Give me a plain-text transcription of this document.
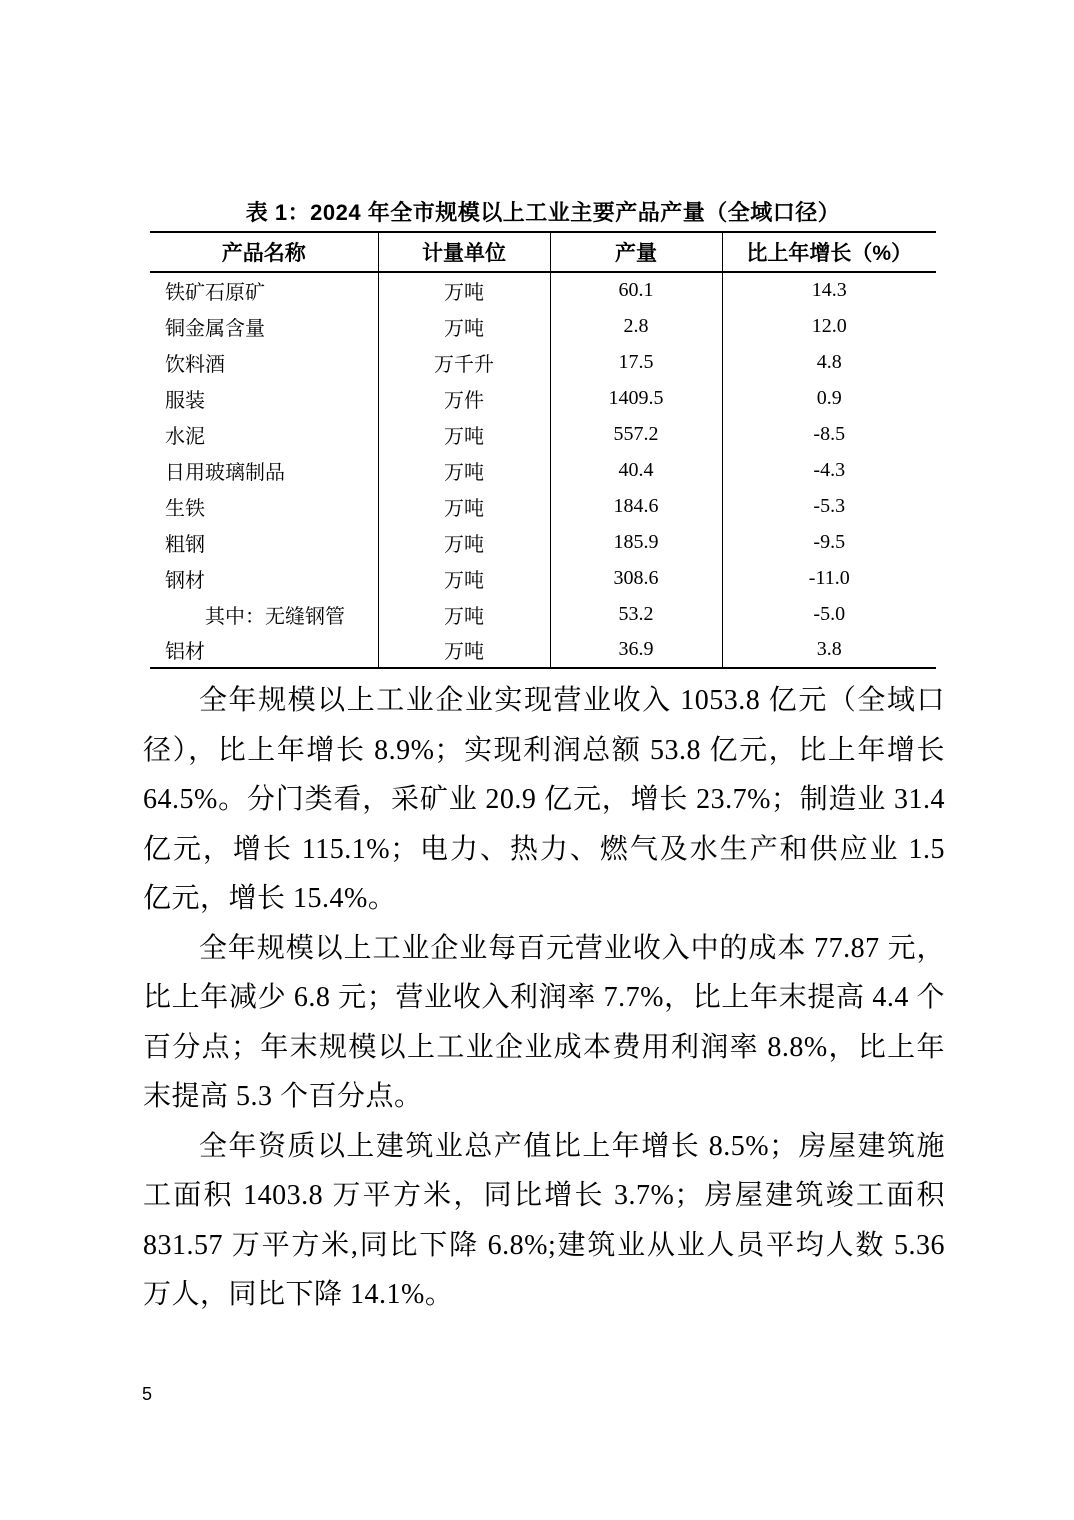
表 1：2024 年全市规模以上工业主要产品产量（全域口径）
产品名称	计量单位	产量	比上年增长（%）
铁矿石原矿	万吨	60.1	14.3
铜金属含量	万吨	2.8	12.0
饮料酒	万千升	17.5	4.8
服装	万件	1409.5	0.9
水泥	万吨	557.2	-8.5
日用玻璃制品	万吨	40.4	-4.3
生铁	万吨	184.6	-5.3
粗钢	万吨	185.9	-9.5
钢材	万吨	308.6	-11.0
其中：无缝钢管	万吨	53.2	-5.0
铝材	万吨	36.9	3.8

全年规模以上工业企业实现营业收入 1053.8 亿元（全域口径），比上年增长 8.9%；实现利润总额 53.8 亿元，比上年增长 64.5%。分门类看，采矿业 20.9 亿元，增长 23.7%；制造业 31.4 亿元，增长 115.1%；电力、热力、燃气及水生产和供应业 1.5 亿元，增长 15.4%。

全年规模以上工业企业每百元营业收入中的成本 77.87 元，比上年减少 6.8 元；营业收入利润率 7.7%，比上年末提高 4.4 个百分点；年末规模以上工业企业成本费用利润率 8.8%，比上年末提高 5.3 个百分点。

全年资质以上建筑业总产值比上年增长 8.5%；房屋建筑施工面积 1403.8 万平方米，同比增长 3.7%；房屋建筑竣工面积 831.57 万平方米,同比下降 6.8%;建筑业从业人员平均人数 5.36 万人，同比下降 14.1%。

5
